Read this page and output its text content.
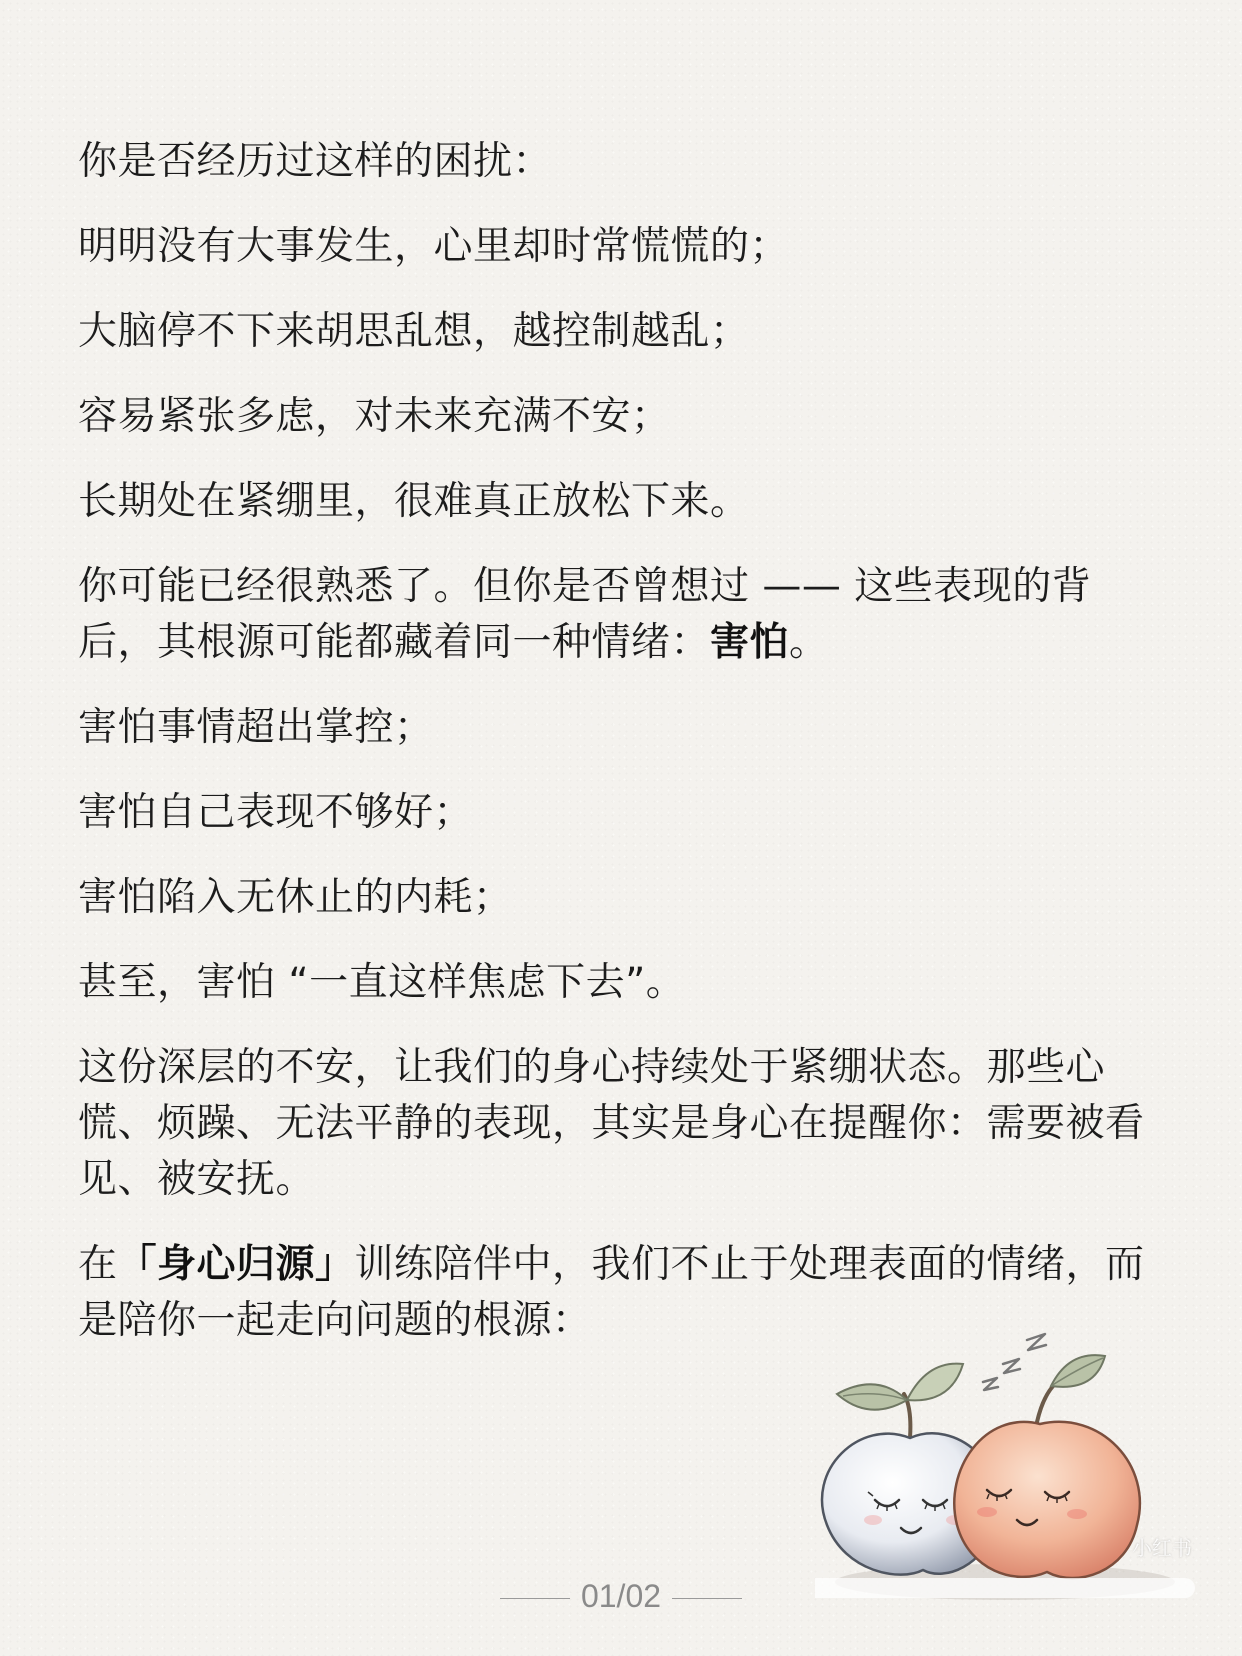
你是否经历过这样的困扰：

明明没有大事发生，心里却时常慌慌的；

大脑停不下来胡思乱想，越控制越乱；

容易紧张多虑，对未来充满不安；

长期处在紧绷里，很难真正放松下来。

你可能已经很熟悉了。但你是否曾想过 —— 这些表现的背后，其根源可能都藏着同一种情绪：害怕。

害怕事情超出掌控；

害怕自己表现不够好；

害怕陷入无休止的内耗；

甚至，害怕 “一直这样焦虑下去”。

这份深层的不安，让我们的身心持续处于紧绷状态。那些心慌、烦躁、无法平静的表现，其实是身心在提醒你：需要被看见、被安抚。

在「身心归源」训练陪伴中，我们不止于处理表面的情绪，而是陪你一起走向问题的根源：

小红书
01/02
